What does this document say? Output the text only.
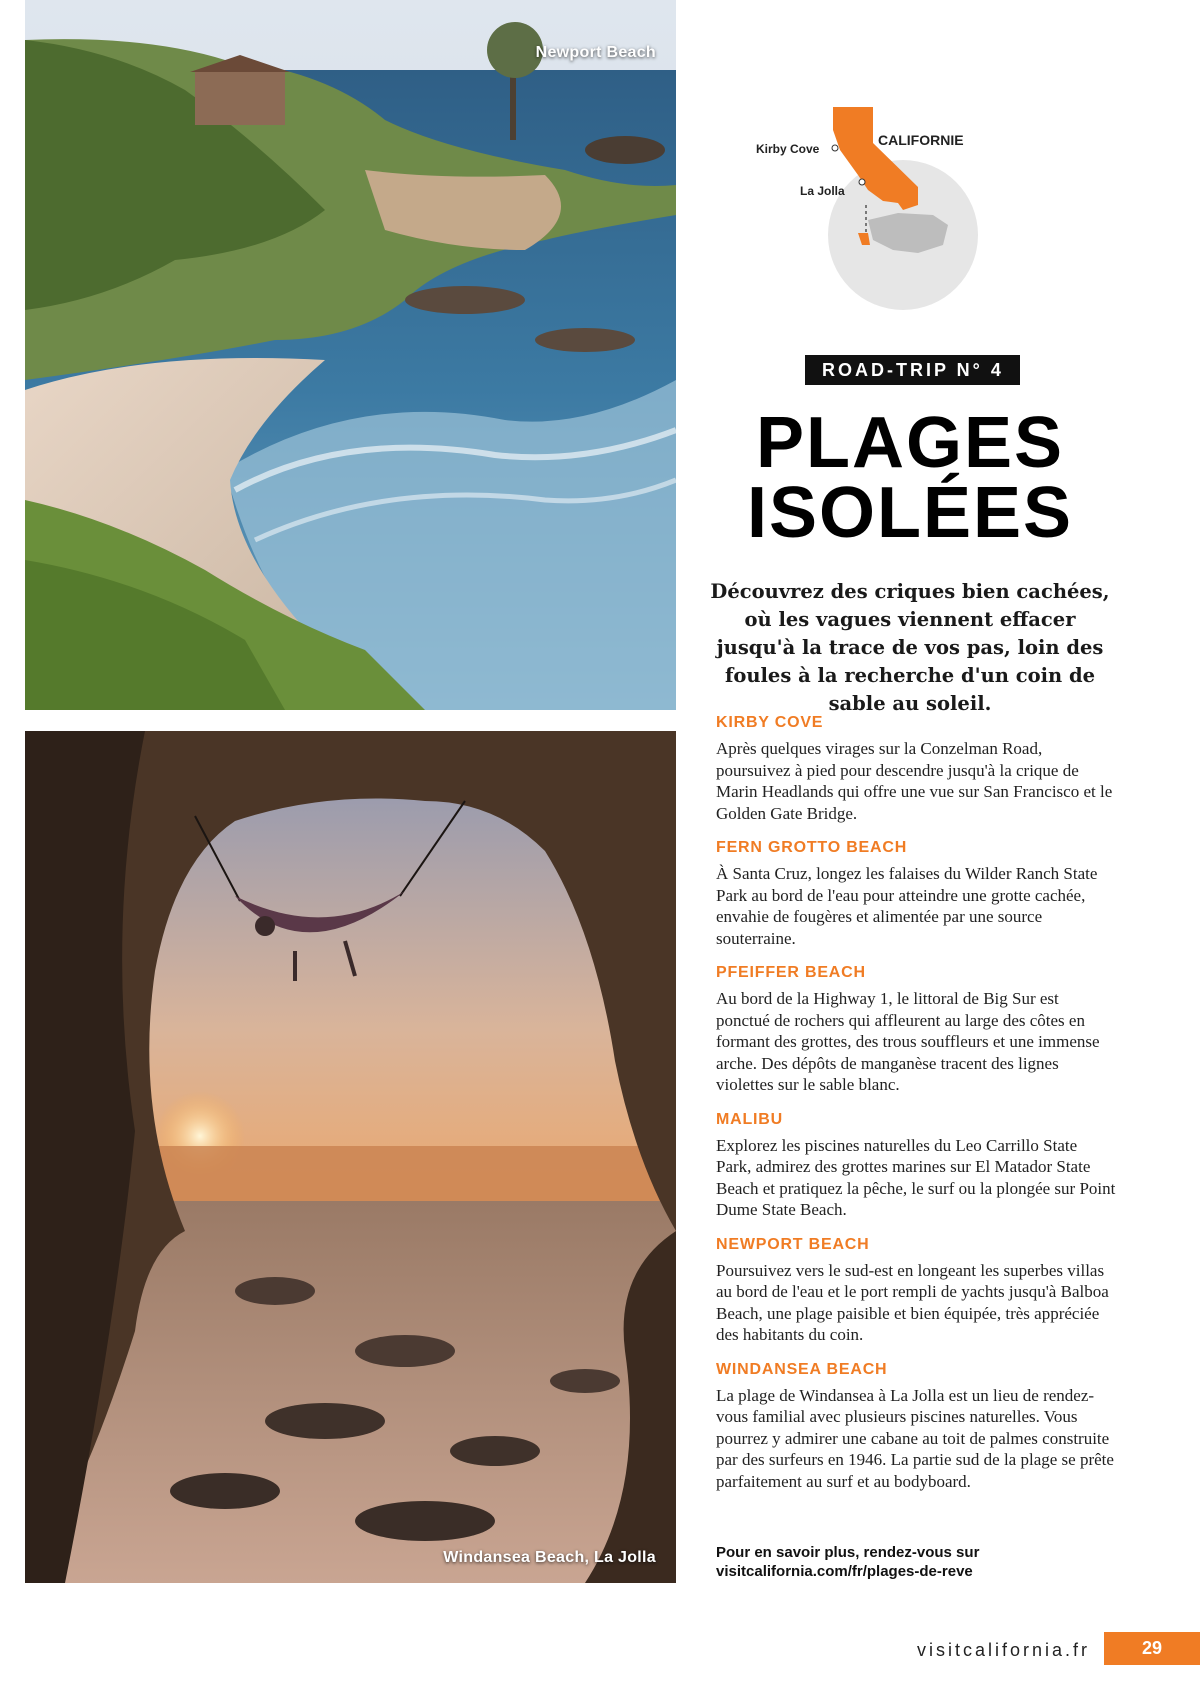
Newport Beach
Windansea Beach, La Jolla
Kirby Cove
La Jolla
CALIFORNIE
ROAD-TRIP N° 4
PLAGES
ISOLÉES

Découvrez des criques bien cachées, où les vagues viennent effacer jusqu'à la trace de vos pas, loin des foules à la recherche d'un coin de sable au soleil.

KIRBY COVE

Après quelques virages sur la Conzelman Road, poursuivez à pied pour descendre jusqu'à la crique de Marin Headlands qui offre une vue sur San Francisco et le Golden Gate Bridge.

FERN GROTTO BEACH

À Santa Cruz, longez les falaises du Wilder Ranch State Park au bord de l'eau pour atteindre une grotte cachée, envahie de fougères et alimentée par une source souterraine.

PFEIFFER BEACH

Au bord de la Highway 1, le littoral de Big Sur est ponctué de rochers qui affleurent au large des côtes en formant des grottes, des trous souffleurs et une immense arche. Des dépôts de manganèse tracent des lignes violettes sur le sable blanc.

MALIBU

Explorez les piscines naturelles du Leo Carrillo State Park, admirez des grottes marines sur El Matador State Beach et pratiquez la pêche, le surf ou la plongée sur Point Dume State Beach.

NEWPORT BEACH

Poursuivez vers le sud-est en longeant les superbes villas au bord de l'eau et le port rempli de yachts jusqu'à Balboa Beach, une plage paisible et bien équipée, très appréciée des habitants du coin.

WINDANSEA BEACH

La plage de Windansea à La Jolla est un lieu de rendez-vous familial avec plusieurs piscines naturelles. Vous pourrez y admirer une cabane au toit de palmes construite par des surfeurs en 1946. La partie sud de la plage se prête parfaitement au surf et au bodyboard.

Pour en savoir plus, rendez-vous sur
visitcalifornia.com/fr/plages-de-reve
visitcalifornia.fr	29
